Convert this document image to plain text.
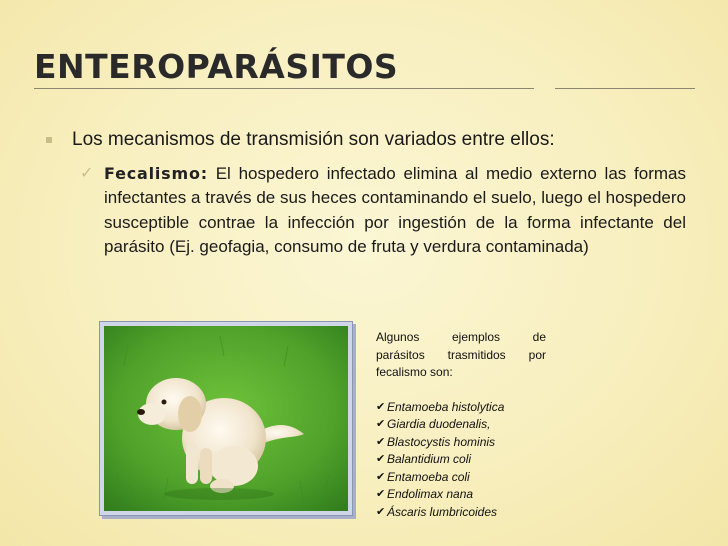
ENTEROPARÁSITOS
Los mecanismos de transmisión son variados entre ellos:
✓ Fecalismo: El hospedero infectado elimina al medio externo las formas infectantes a través de sus heces contaminando el suelo, luego el hospedero susceptible contrae la infección por ingestión de la forma infectante del parásito (Ej. geofagia, consumo de fruta y verdura contaminada)

Algunos ejemplos de

parásitos trasmitidos por

fecalismo son:

✔ Entamoeba histolytica
✔ Giardia duodenalis,
✔ Blastocystis hominis
✔ Balantidium coli
✔ Entamoeba coli
✔ Endolimax nana
✔ Áscaris lumbricoides
